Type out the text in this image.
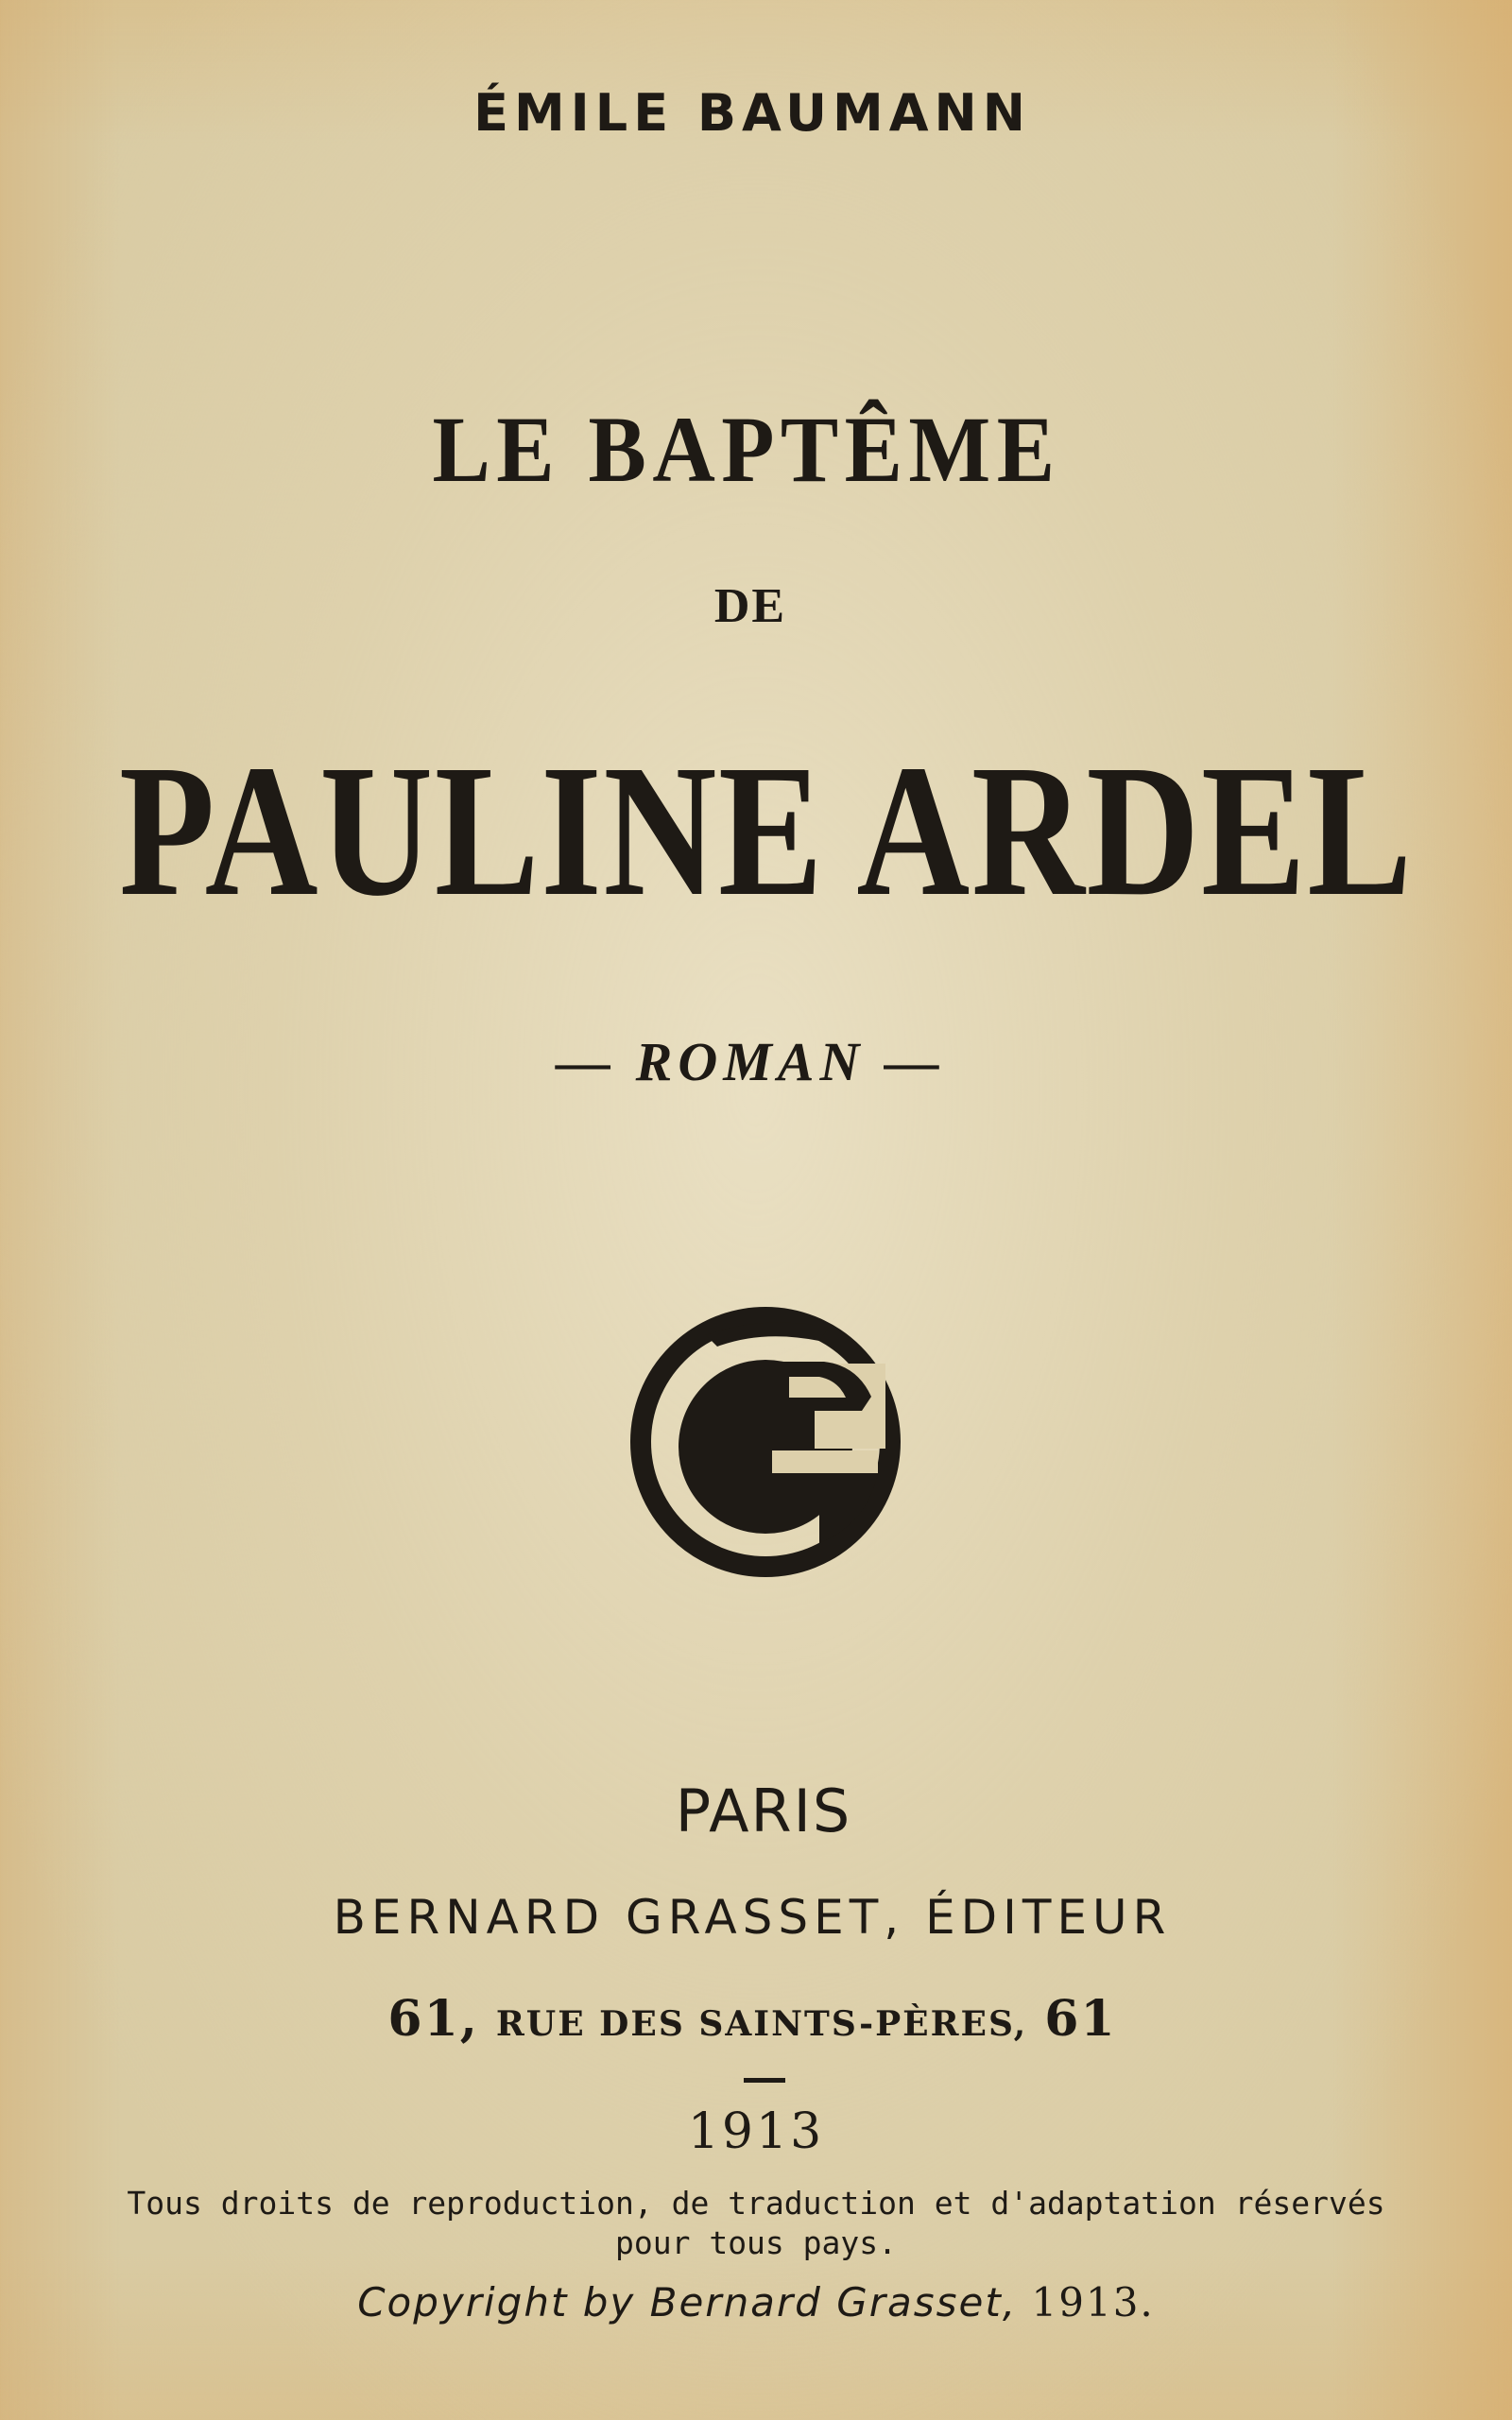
ÉMILE BAUMANN
LE BAPTÊME
DE
PAULINE ARDEL
— ROMAN —
PARIS
BERNARD GRASSET, ÉDITEUR
61, RUE DES SAINTS-PÈRES, 61
1913
Tous droits de reproduction, de traduction et d'adaptation réservés
pour tous pays.
Copyright by Bernard Grasset, 1913.
